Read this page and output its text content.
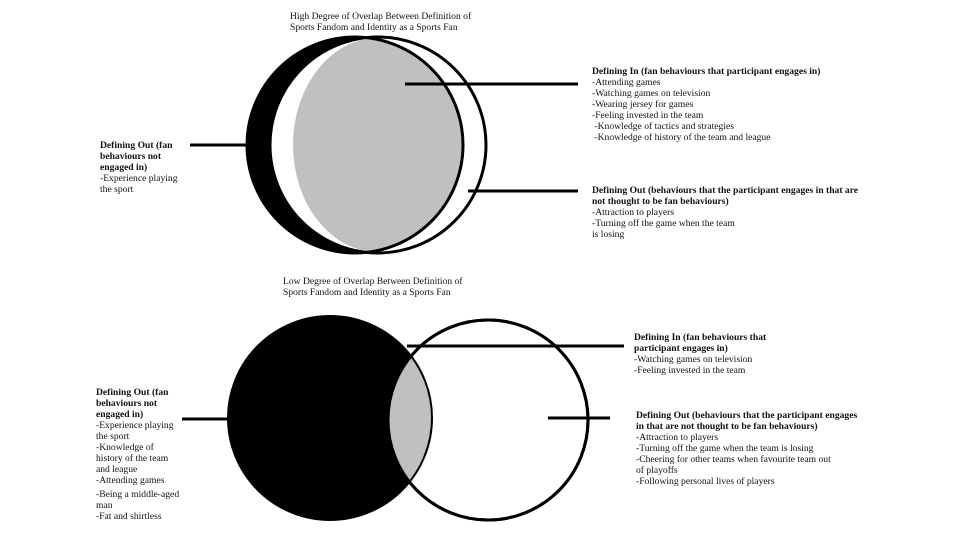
High Degree of Overlap Between Definition of

Sports Fandom and Identity as a Sports Fan

Defining In (fan behaviours that participant engages in)

-Attending games

-Watching games on television

-Wearing jersey for games

-Feeling invested in the team

-Knowledge of tactics and strategies

-Knowledge of history of the team and league

Defining Out (behaviours that the participant engages in that are

not thought to be fan behaviours)

-Attraction to players

-Turning off the game when the team

is losing

Defining Out (fan

behaviours not

engaged in)

-Experience playing

the sport

Low Degree of Overlap Between Definition of

Sports Fandom and Identity as a Sports Fan

Defining In (fan behaviours that

participant engages in)

-Watching games on television

-Feeling invested in the team

Defining Out (behaviours that the participant engages

in that are not thought to be fan behaviours)

-Attraction to players

-Turning off the game when the team is losing

-Cheering for other teams when favourite team out

of playoffs

-Following personal lives of players

Defining Out (fan

behaviours not

engaged in)

-Experience playing

the sport

-Knowledge of

history of the team

and league

-Attending games

-Being a middle-aged

man

-Fat and shirtless
